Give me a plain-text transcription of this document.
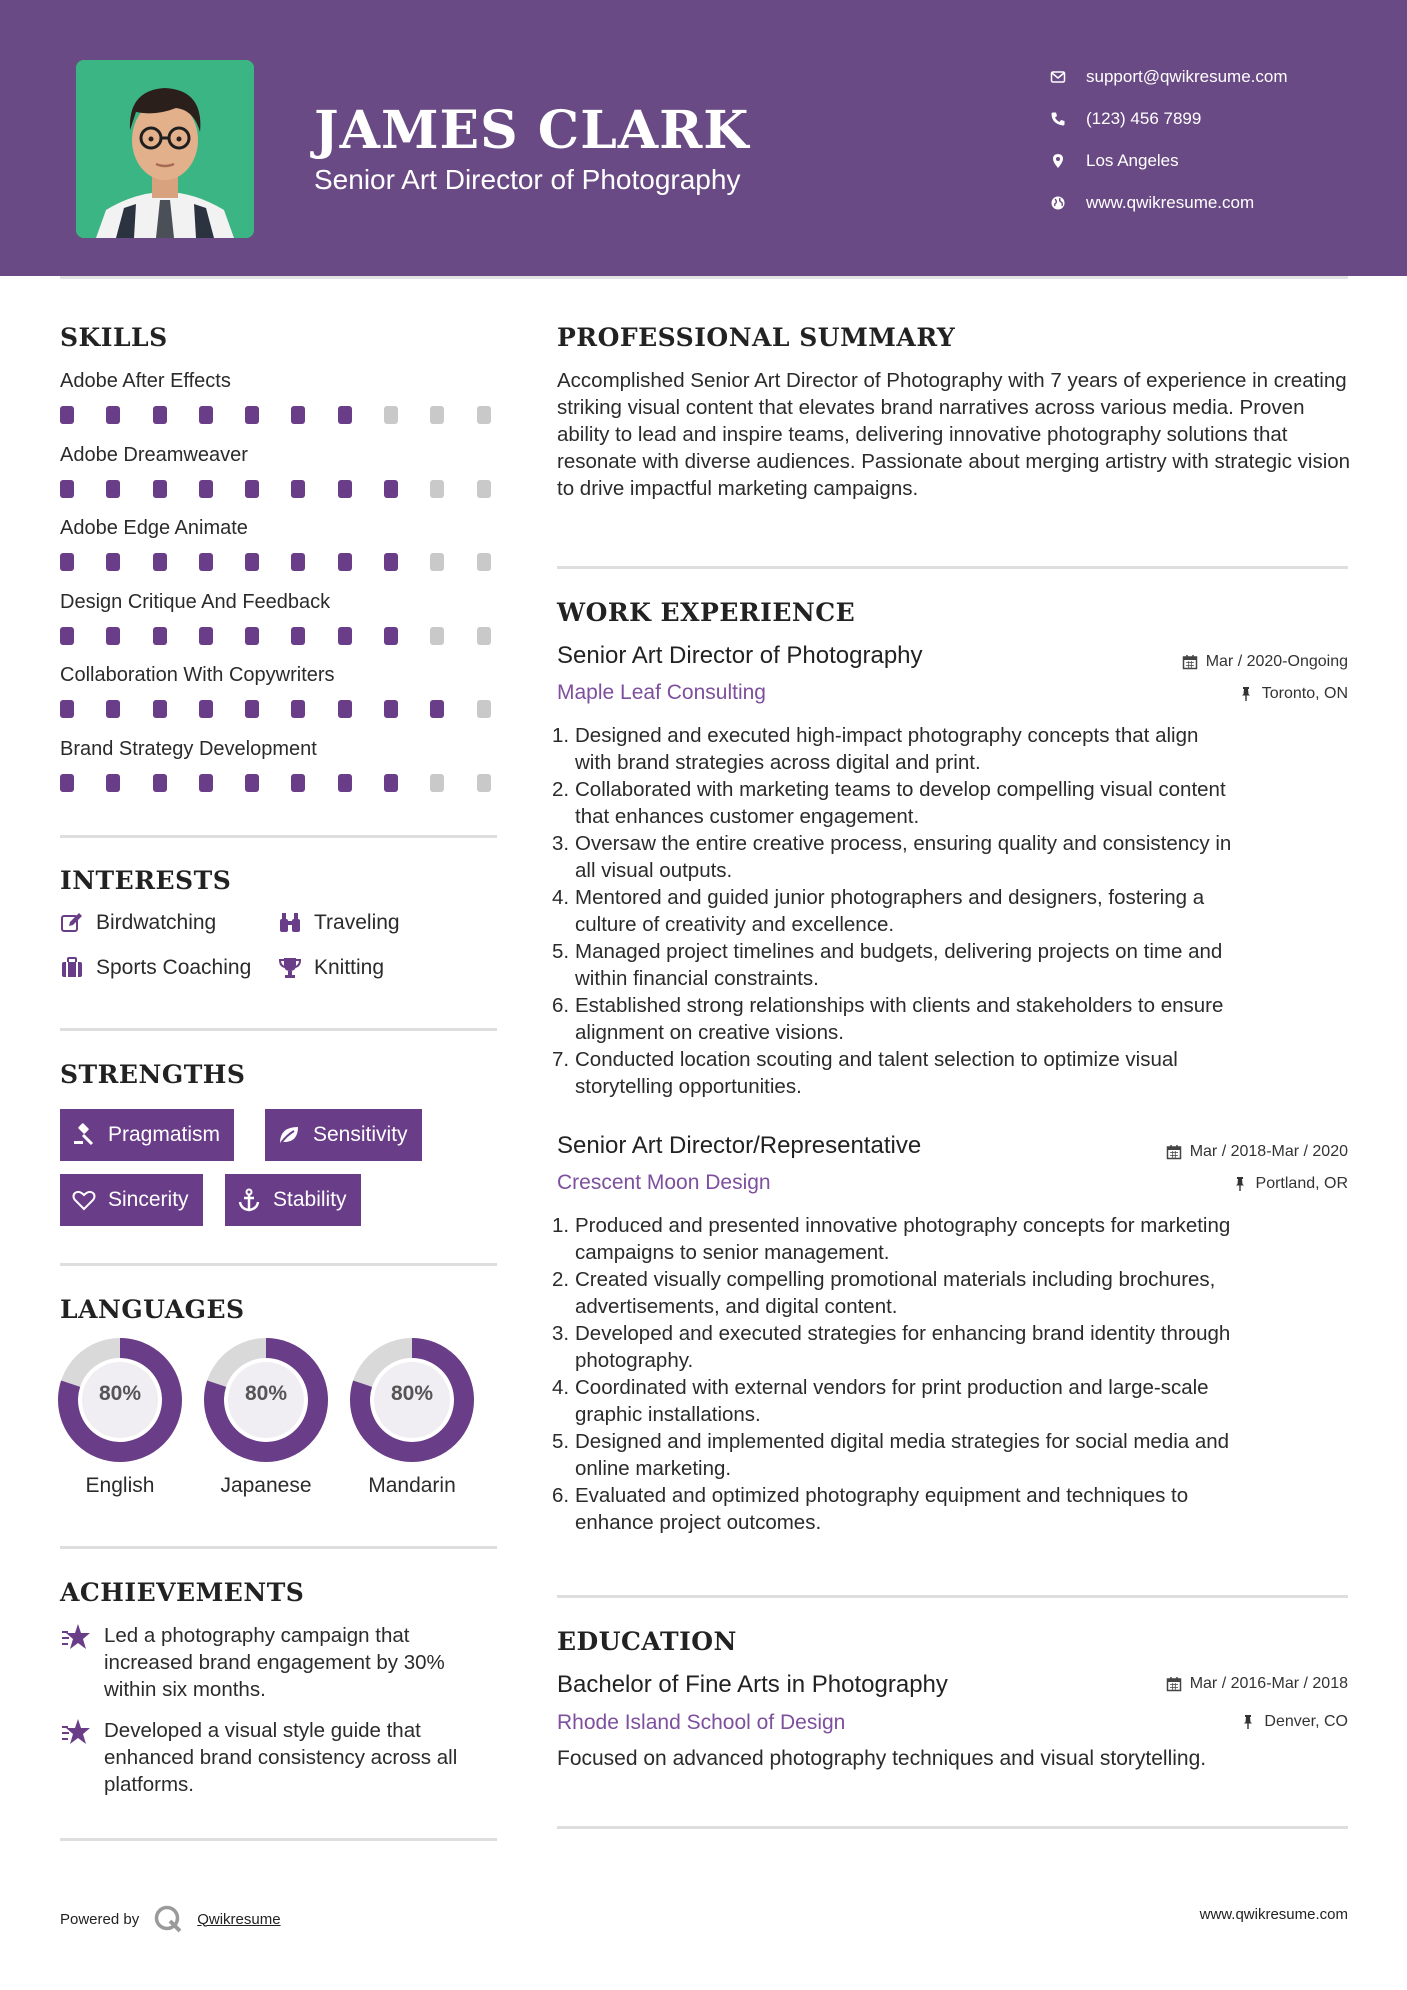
JAMES CLARK
Senior Art Director of Photography
support@qwikresume.com
(123) 456 7899
Los Angeles
www.qwikresume.com
SKILLS
Adobe After Effects
Adobe Dreamweaver
Adobe Edge Animate
Design Critique And Feedback
Collaboration With Copywriters
Brand Strategy Development
INTERESTS
Birdwatching	Traveling
Sports Coaching	Knitting
STRENGTHS
Pragmatism	Sensitivity
Sincerity	Stability
LANGUAGES
80%
English
80%
Japanese
80%
Mandarin
ACHIEVEMENTS
Led a photography campaign that increased brand engagement by 30% within six months.
Developed a visual style guide that enhanced brand consistency across all platforms.
PROFESSIONAL SUMMARY
Accomplished Senior Art Director of Photography with 7 years of experience in creating striking visual content that elevates brand narratives across various media. Proven ability to lead and inspire teams, delivering innovative photography solutions that resonate with diverse audiences. Passionate about merging artistry with strategic vision to drive impactful marketing campaigns.
WORK EXPERIENCE
Senior Art Director of Photography	Mar / 2020-Ongoing
Maple Leaf Consulting	Toronto, ON
1. Designed and executed high-impact photography concepts that align
with brand strategies across digital and print.
2. Collaborated with marketing teams to develop compelling visual content
that enhances customer engagement.
3. Oversaw the entire creative process, ensuring quality and consistency in
all visual outputs.
4. Mentored and guided junior photographers and designers, fostering a
culture of creativity and excellence.
5. Managed project timelines and budgets, delivering projects on time and
within financial constraints.
6. Established strong relationships with clients and stakeholders to ensure
alignment on creative visions.
7. Conducted location scouting and talent selection to optimize visual
storytelling opportunities.
Senior Art Director/Representative	Mar / 2018-Mar / 2020
Crescent Moon Design	Portland, OR
1. Produced and presented innovative photography concepts for marketing
campaigns to senior management.
2. Created visually compelling promotional materials including brochures,
advertisements, and digital content.
3. Developed and executed strategies for enhancing brand identity through
photography.
4. Coordinated with external vendors for print production and large-scale
graphic installations.
5. Designed and implemented digital media strategies for social media and
online marketing.
6. Evaluated and optimized photography equipment and techniques to
enhance project outcomes.
EDUCATION
Bachelor of Fine Arts in Photography	Mar / 2016-Mar / 2018
Rhode Island School of Design	Denver, CO
Focused on advanced photography techniques and visual storytelling.
Powered by	Qwikresume	www.qwikresume.com
